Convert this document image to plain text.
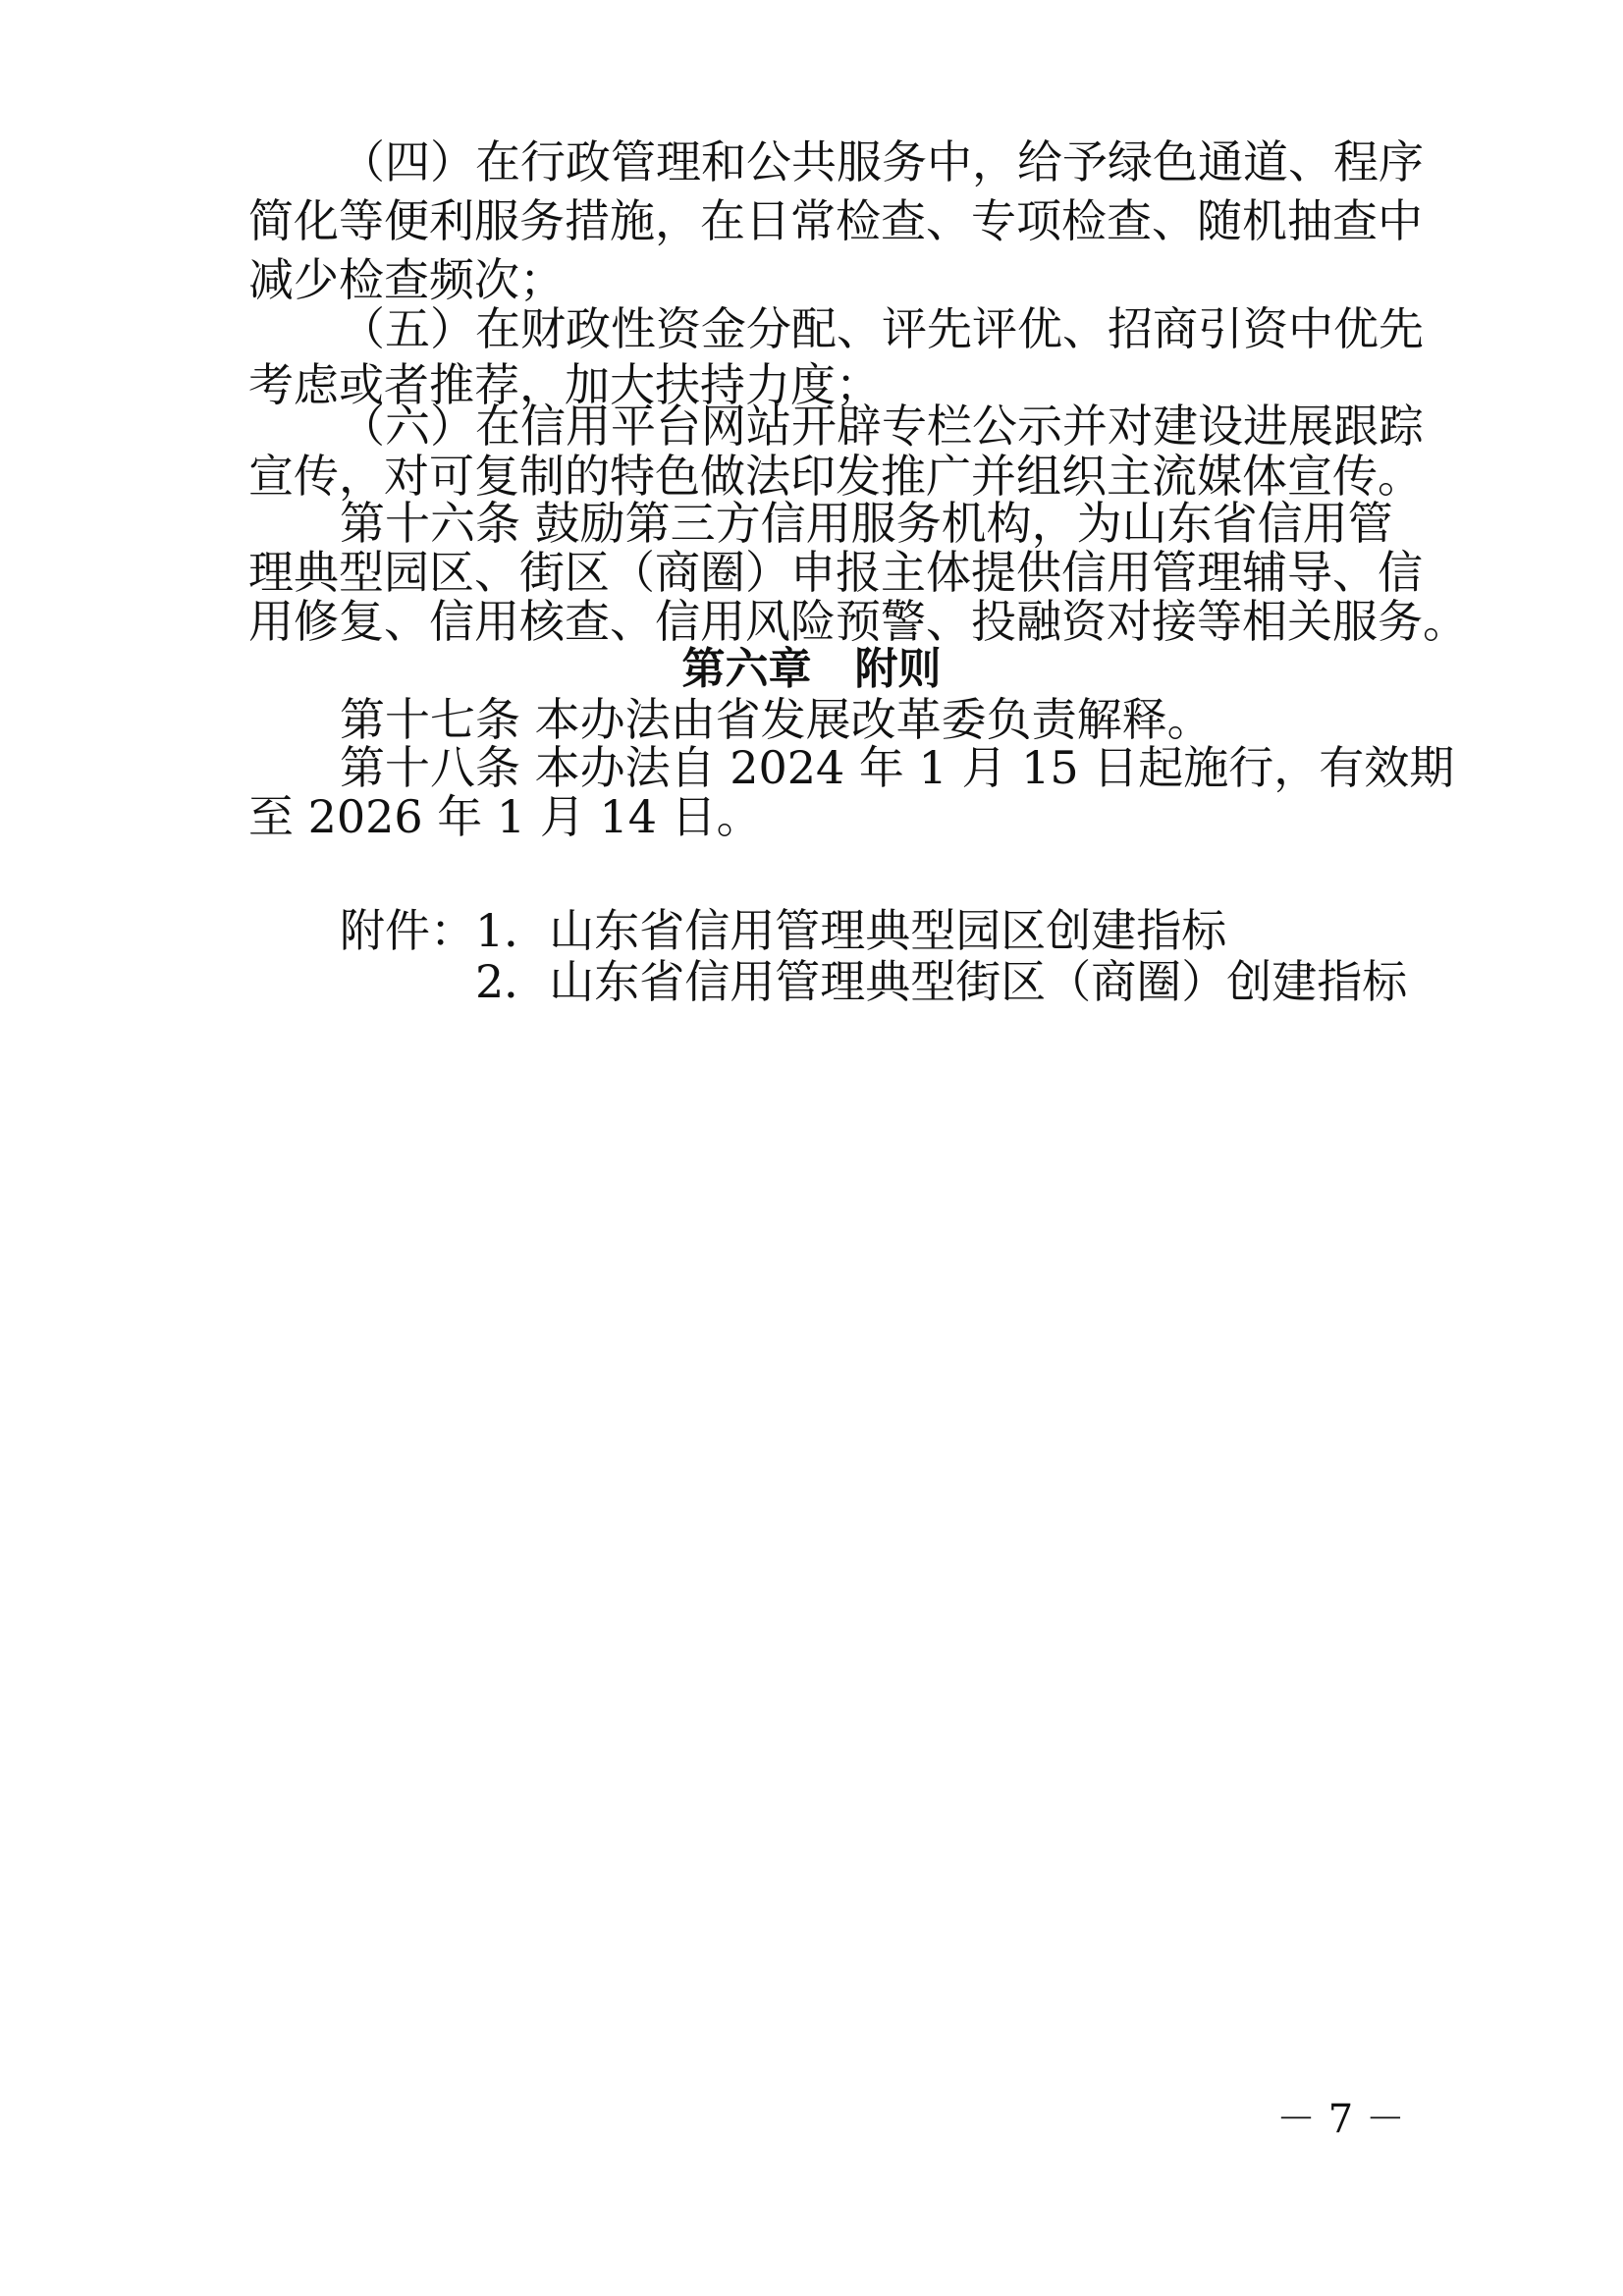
（四）在行政管理和公共服务中，给予绿色通道、程序
简化等便利服务措施，在日常检查、专项检查、随机抽查中
减少检查频次；
（五）在财政性资金分配、评先评优、招商引资中优先
考虑或者推荐，加大扶持力度；
（六）在信用平台网站开辟专栏公示并对建设进展跟踪
宣传，对可复制的特色做法印发推广并组织主流媒体宣传。
第十六条 鼓励第三方信用服务机构，为山东省信用管
理典型园区、街区（商圈）申报主体提供信用管理辅导、信
用修复、信用核查、信用风险预警、投融资对接等相关服务。
第六章　附则
第十七条 本办法由省发展改革委负责解释。
第十八条 本办法自 2024 年 1 月 15 日起施行，有效期
至 2026 年 1 月 14 日。
附件： 1．山东省信用管理典型园区创建指标
2．山东省信用管理典型街区（商圈）创建指标
－ 7 －
